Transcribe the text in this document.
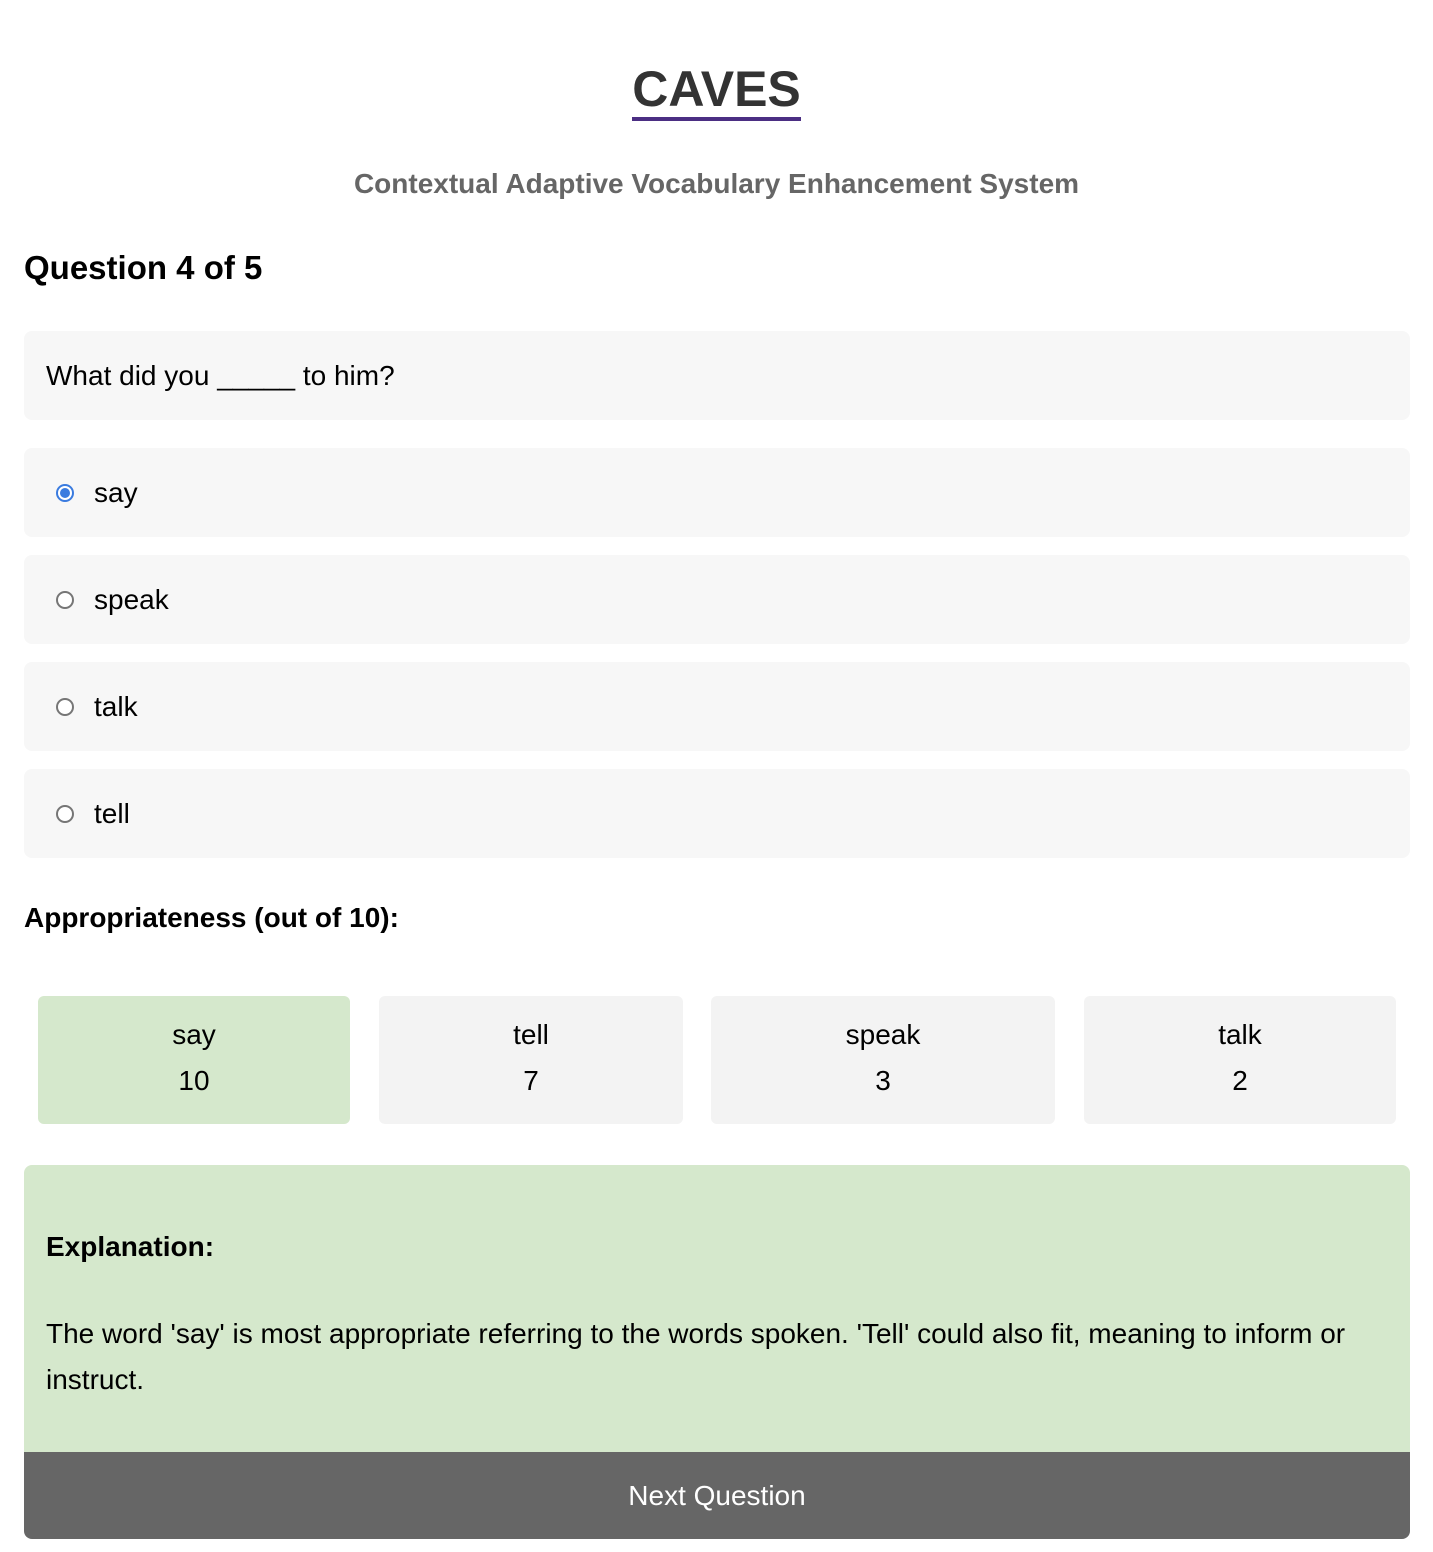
CAVES
Contextual Adaptive Vocabulary Enhancement System
Question 4 of 5
What did you _____ to him?
say
speak
talk
tell
Appropriateness (out of 10):
say
10
tell
7
speak
3
talk
2

Explanation:

The word 'say' is most appropriate referring to the words spoken. 'Tell' could also fit, meaning to inform or instruct.

Next Question
